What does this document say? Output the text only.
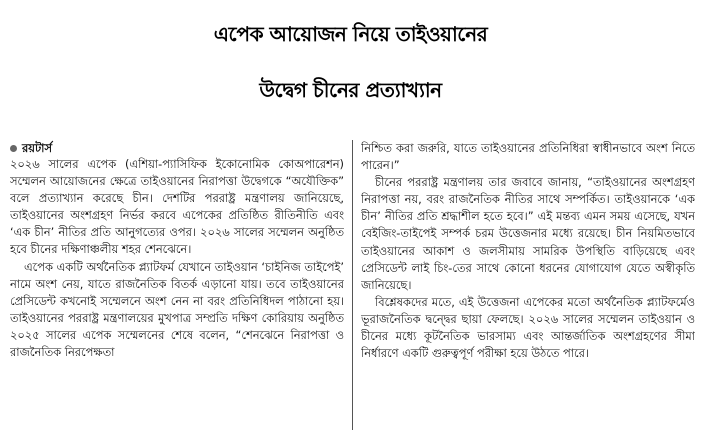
এপেক আয়োজন নিয়ে তাইওয়ানের
উদ্বেগ চীনের প্রত্যাখ্যান
রয়টার্স

২০২৬ সালের এপেক (এশিয়া-প্যাসিফিক ইকোনোমিক কোঅপারেশন) সম্মেলন আয়োজনের ক্ষেত্রে তাইওয়ানের নিরাপত্তা উদ্বেগকে “অযৌক্তিক” বলে প্রত্যাখ্যান করেছে চীন। দেশটির পররাষ্ট্র মন্ত্রণালয় জানিয়েছে, তাইওয়ানের অংশগ্রহণ নির্ভর করবে এপেকের প্রতিষ্ঠিত রীতিনীতি এবং ‘এক চীন’ নীতির প্রতি আনুগত্যের ওপর। ২০২৬ সালের সম্মেলন অনুষ্ঠিত হবে চীনের দক্ষিণাঞ্চলীয় শহর শেনঝেনে।

এপেক একটি অর্থনৈতিক প্ল্যাটফর্ম যেখানে তাইওয়ান ‘চাইনিজ তাইপেই’ নামে অংশ নেয়, যাতে রাজনৈতিক বিতর্ক এড়ানো যায়। তবে তাইওয়ানের প্রেসিডেন্ট কখনোই সম্মেলনে অংশ নেন না বরং প্রতিনিধিদল পাঠানো হয়। তাইওয়ানের পররাষ্ট্র মন্ত্রণালয়ের মুখপাত্র সম্প্রতি দক্ষিণ কোরিয়ায় অনুষ্ঠিত ২০২৫ সালের এপেক সম্মেলনের শেষে বলেন, “শেনঝেনে নিরাপত্তা ও রাজনৈতিক নিরপেক্ষতা

নিশ্চিত করা জরুরি, যাতে তাইওয়ানের প্রতিনিধিরা স্বাধীনভাবে অংশ নিতে পারেন।”

চীনের পররাষ্ট্র মন্ত্রণালয় তার জবাবে জানায়, “তাইওয়ানের অংশগ্রহণ নিরাপত্তা নয়, বরং রাজনৈতিক নীতির সাথে সম্পর্কিত। তাইওয়ানকে ‘এক চীন’ নীতির প্রতি শ্রদ্ধাশীল হতে হবে।” এই মন্তব্য এমন সময় এসেছে, যখন বেইজিং-তাইপেই সম্পর্ক চরম উত্তেজনার মধ্যে রয়েছে। চীন নিয়মিতভাবে তাইওয়ানের আকাশ ও জলসীমায় সামরিক উপস্থিতি বাড়িয়েছে এবং প্রেসিডেন্ট লাই চিং-তের সাথে কোনো ধরনের যোগাযোগ যেতে অস্বীকৃতি জানিয়েছে।

বিশ্লেষকদের মতে, এই উত্তেজনা এপেকের মতো অর্থনৈতিক প্ল্যাটফর্মেও ভূরাজনৈতিক দ্বন্দ্বের ছায়া ফেলছে। ২০২৬ সালের সম্মেলন তাইওয়ান ও চীনের মধ্যে কূটনৈতিক ভারসাম্য এবং আন্তর্জাতিক অংশগ্রহণের সীমা নির্ধারণে একটি গুরুত্বপূর্ণ পরীক্ষা হয়ে উঠতে পারে।
